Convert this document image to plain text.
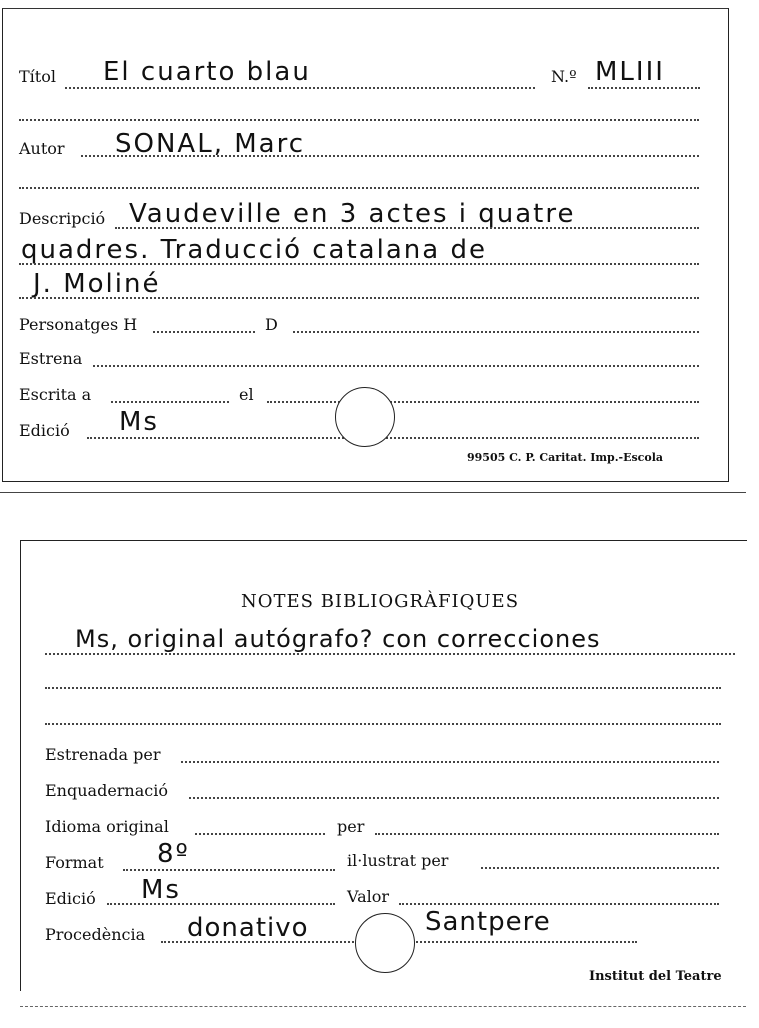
Títol El cuarto blau	N.º MLIII
Autor SONAL, Marc
Descripció Vaudeville en 3 actes i quatre
quadres. Traducció catalana de
J. Moliné
Personatges H	D
Estrena
Escrita a	el
Edició Ms
99505 C. P. Caritat. Imp.-Escola
NOTES BIBLIOGRÀFIQUES
Ms, original autógrafo? con correcciones
Estrenada per
Enquadernació
Idioma original	per
Format 8º	il·lustrat per
Edició Ms	Valor
Procedència donativo	Santpere
Institut del Teatre
